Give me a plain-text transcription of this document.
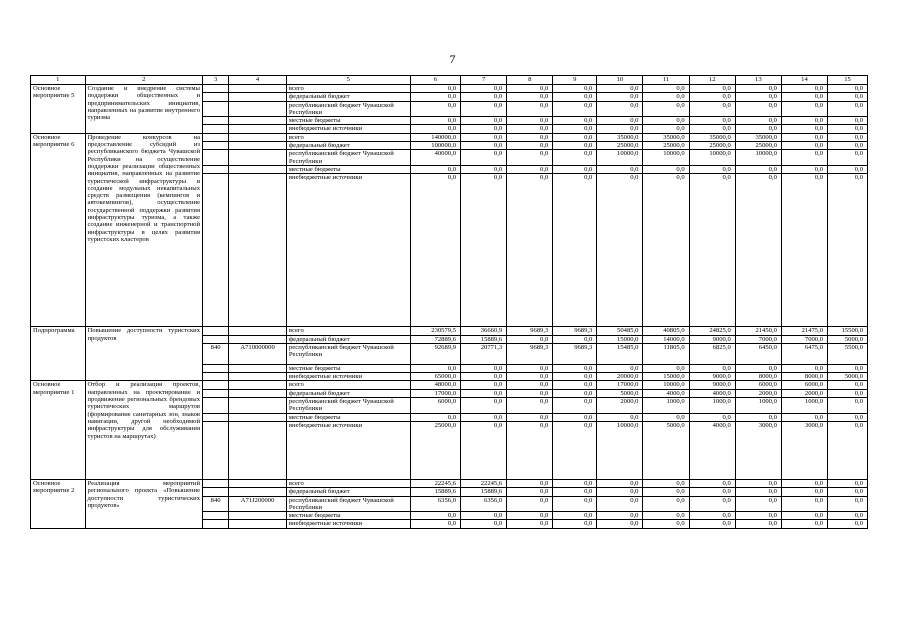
7
1	2	3	4	5	6	7	8	9	10	11	12	13	14	15
Основное мероприятие 5	Создание и внедрение системы поддержки общественных и предпринимательских инициатив, направленных на развитие внутреннего туризма			всего	0,0	0,0	0,0	0,0	0,0	0,0	0,0	0,0	0,0	0,0
				федеральный бюджет	0,0	0,0	0,0	0,0	0,0	0,0	0,0	0,0	0,0	0,0
				республиканский бюджет Чувашской Республики	0,0	0,0	0,0	0,0	0,0	0,0	0,0	0,0	0,0	0,0
				местные бюджеты	0,0	0,0	0,0	0,0	0,0	0,0	0,0	0,0	0,0	0,0
				внебюджетные источники	0,0	0,0	0,0	0,0	0,0	0,0	0,0	0,0	0,0	0,0
Основное мероприятие 6	Проведение конкурсов на предоставление субсидий из республиканского бюджета Чувашской Республики на осуществление поддержки реализации общественных инициатив, направленных на развитие туристической инфраструктуры и создание модульных некапитальных средств размещения (кемпингов и автокемпингов), осуществление государственной поддержки развития инфраструктуры туризма, а также создание инженерной и транспортной инфраструктуры в целях развития туристских кластеров			всего	140000,0	0,0	0,0	0,0	35000,0	35000,0	35000,0	35000,0	0,0	0,0
				федеральный бюджет	100000,0	0,0	0,0	0,0	25000,0	25000,0	25000,0	25000,0	0,0	0,0
				республиканский бюджет Чувашской Республики	40000,0	0,0	0,0	0,0	10000,0	10000,0	10000,0	10000,0	0,0	0,0
				местные бюджеты	0,0	0,0	0,0	0,0	0,0	0,0	0,0	0,0	0,0	0,0
				внебюджетные источники	0,0	0,0	0,0	0,0	0,0	0,0	0,0	0,0	0,0	0,0
Подпрограмма	Повышение доступности туристских продуктов			всего	230579,5	36660,9	9689,3	9689,3	50485,0	40805,0	24825,0	21450,0	21475,0	15500,0
				федеральный бюджет	72889,6	15889,6	0,0	0,0	15000,0	14000,0	9000,0	7000,0	7000,0	5000,0
		840	A710000000	республиканский бюджет Чувашской Республики	92689,9	20771,3	9689,3	9689,3	15485,0	11805,0	6825,0	6450,0	6475,0	5500,0
				местные бюджеты	0,0	0,0	0,0	0,0	0,0	0,0	0,0	0,0	0,0	0,0
				внебюджетные источники	65000,0	0,0	0,0	0,0	20000,0	15000,0	9000,0	8000,0	8000,0	5000,0
Основное мероприятие 1	Отбор и реализация проектов, направленных на проектирование и продвижение региональных брендовых туристических маршрутов (формирование санитарных зон, знаков навигации, другой необходимой инфраструктуры для обслуживания туристов на маршрутах)			всего	48000,0	0,0	0,0	0,0	17000,0	10000,0	9000,0	6000,0	6000,0	0,0
				федеральный бюджет	17000,0	0,0	0,0	0,0	5000,0	4000,0	4000,0	2000,0	2000,0	0,0
				республиканский бюджет Чувашской Республики	6000,0	0,0	0,0	0,0	2000,0	1000,0	1000,0	1000,0	1000,0	0,0
				местные бюджеты	0,0	0,0	0,0	0,0	0,0	0,0	0,0	0,0	0,0	0,0
				внебюджетные источники	25000,0	0,0	0,0	0,0	10000,0	5000,0	4000,0	3000,0	3000,0	0,0
Основное мероприятие 2	Реализация мероприятий регионального проекта «Повышение доступности туристических продуктов»			всего	22245,6	22245,6	0,0	0,0	0,0	0,0	0,0	0,0	0,0	0,0
				федеральный бюджет	15889,6	15889,6	0,0	0,0	0,0	0,0	0,0	0,0	0,0	0,0
		840	A71J200000	республиканский бюджет Чувашской Республики	6356,0	6356,0	0,0	0,0	0,0	0,0	0,0	0,0	0,0	0,0
				местные бюджеты	0,0	0,0	0,0	0,0	0,0	0,0	0,0	0,0	0,0	0,0
				внебюджетные источники	0,0	0,0	0,0	0,0	0,0	0,0	0,0	0,0	0,0	0,0
